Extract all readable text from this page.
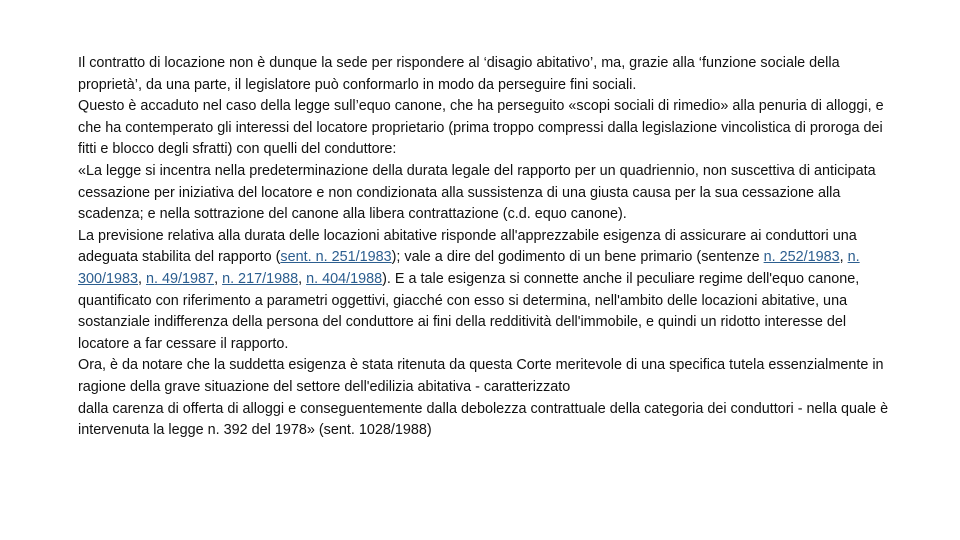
Il contratto di locazione non è dunque la sede per rispondere al ‘disagio abitativo’, ma, grazie alla ‘funzione sociale della proprietà’, da una parte, il legislatore può conformarlo in modo da perseguire fini sociali.

Questo è accaduto nel caso della legge sull’equo canone, che ha perseguito «scopi sociali di rimedio» alla penuria di alloggi, e che ha contemperato gli interessi del locatore proprietario (prima troppo compressi dalla legislazione vincolistica di proroga dei fitti e blocco degli sfratti) con quelli del conduttore:

«La legge si incentra nella predeterminazione della durata legale del rapporto per un quadriennio, non suscettiva di anticipata cessazione per iniziativa del locatore e non condizionata alla sussistenza di una giusta causa per la sua cessazione alla scadenza; e nella sottrazione del canone alla libera contrattazione (c.d. equo canone).

La previsione relativa alla durata delle locazioni abitative risponde all'apprezzabile esigenza di assicurare ai conduttori una adeguata stabilita del rapporto (sent. n. 251/1983); vale a dire del godimento di un bene primario (sentenze n. 252/1983, n. 300/1983, n. 49/1987, n. 217/1988, n. 404/1988). E a tale esigenza si connette anche il peculiare regime dell'equo canone, quantificato con riferimento a parametri oggettivi, giacché con esso si determina, nell'ambito delle locazioni abitative, una sostanziale indifferenza della persona del conduttore ai fini della redditività dell'immobile, e quindi un ridotto interesse del locatore a far cessare il rapporto.

Ora, è da notare che la suddetta esigenza è stata ritenuta da questa Corte meritevole di una specifica tutela essenzialmente in ragione della grave situazione del settore dell'edilizia abitativa - caratterizzato

dalla carenza di offerta di alloggi e conseguentemente dalla debolezza contrattuale della categoria dei conduttori - nella quale è intervenuta la legge n. 392 del 1978» (sent. 1028/1988)
